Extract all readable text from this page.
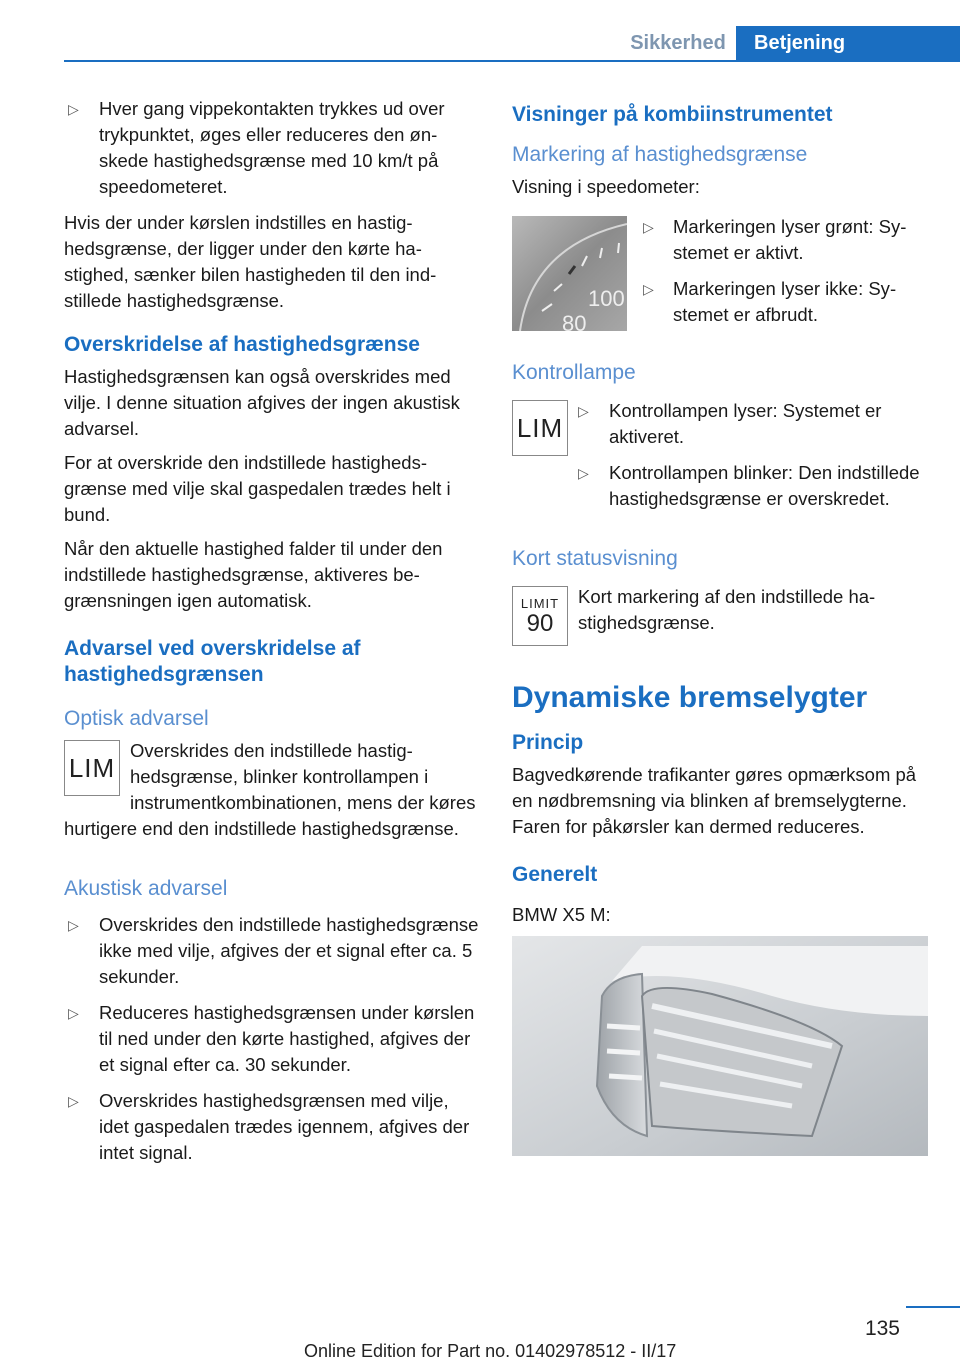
Sikkerhed	Betjening
▷ Hver gang vippekontakten trykkes ud over trykpunktet, øges eller reduceres den ønskede hastighedsgrænse med 10 km/t på speedometeret.

Hvis der under kørslen indstilles en hastighedsgrænse, der ligger under den kørte hastighed, sænker bilen hastigheden til den indstillede hastighedsgrænse.

Overskridelse af hastighedsgrænse

Hastighedsgrænsen kan også overskrides med vilje. I denne situation afgives der ingen akustisk advarsel.

For at overskride den indstillede hastighedsgrænse med vilje skal gaspedalen trædes helt i bund.

Når den aktuelle hastighed falder til under den indstillede hastighedsgrænse, aktiveres begrænsningen igen automatisk.

Advarsel ved overskridelse af hastighedsgrænsen
Optisk advarsel
LIM

Overskrides den indstillede hastighedsgrænse, blinker kontrollampen i instrumentkombinationen, mens der køres hurtigere end den indstillede hastighedsgrænse.

Akustisk advarsel
▷ Overskrides den indstillede hastighedsgrænse ikke med vilje, afgives der et signal efter ca. 5 sekunder.
▷ Reduceres hastighedsgrænsen under kørslen til ned under den kørte hastighed, afgives der et signal efter ca. 30 sekunder.
▷ Overskrides hastighedsgrænsen med vilje, idet gaspedalen trædes igennem, afgives der intet signal.
Visninger på kombiinstrumentet
Markering af hastighedsgrænse

Visning i speedometer:

100
80
▷ Markeringen lyser grønt: Systemet er aktivt.
▷ Markeringen lyser ikke: Systemet er afbrudt.
Kontrollampe
LIM
▷ Kontrollampen lyser: Systemet er aktiveret.
▷ Kontrollampen blinker: Den indstillede hastighedsgrænse er overskredet.
Kort statusvisning
LIMIT
90

Kort markering af den indstillede hastighedsgrænse.

Dynamiske bremselygter
Princip

Bagvedkørende trafikanter gøres opmærksom på en nødbremsning via blinken af bremselygterne. Faren for påkørsler kan dermed reduceres.

Generelt

BMW X5 M:

135
Online Edition for Part no. 01402978512 - II/17
